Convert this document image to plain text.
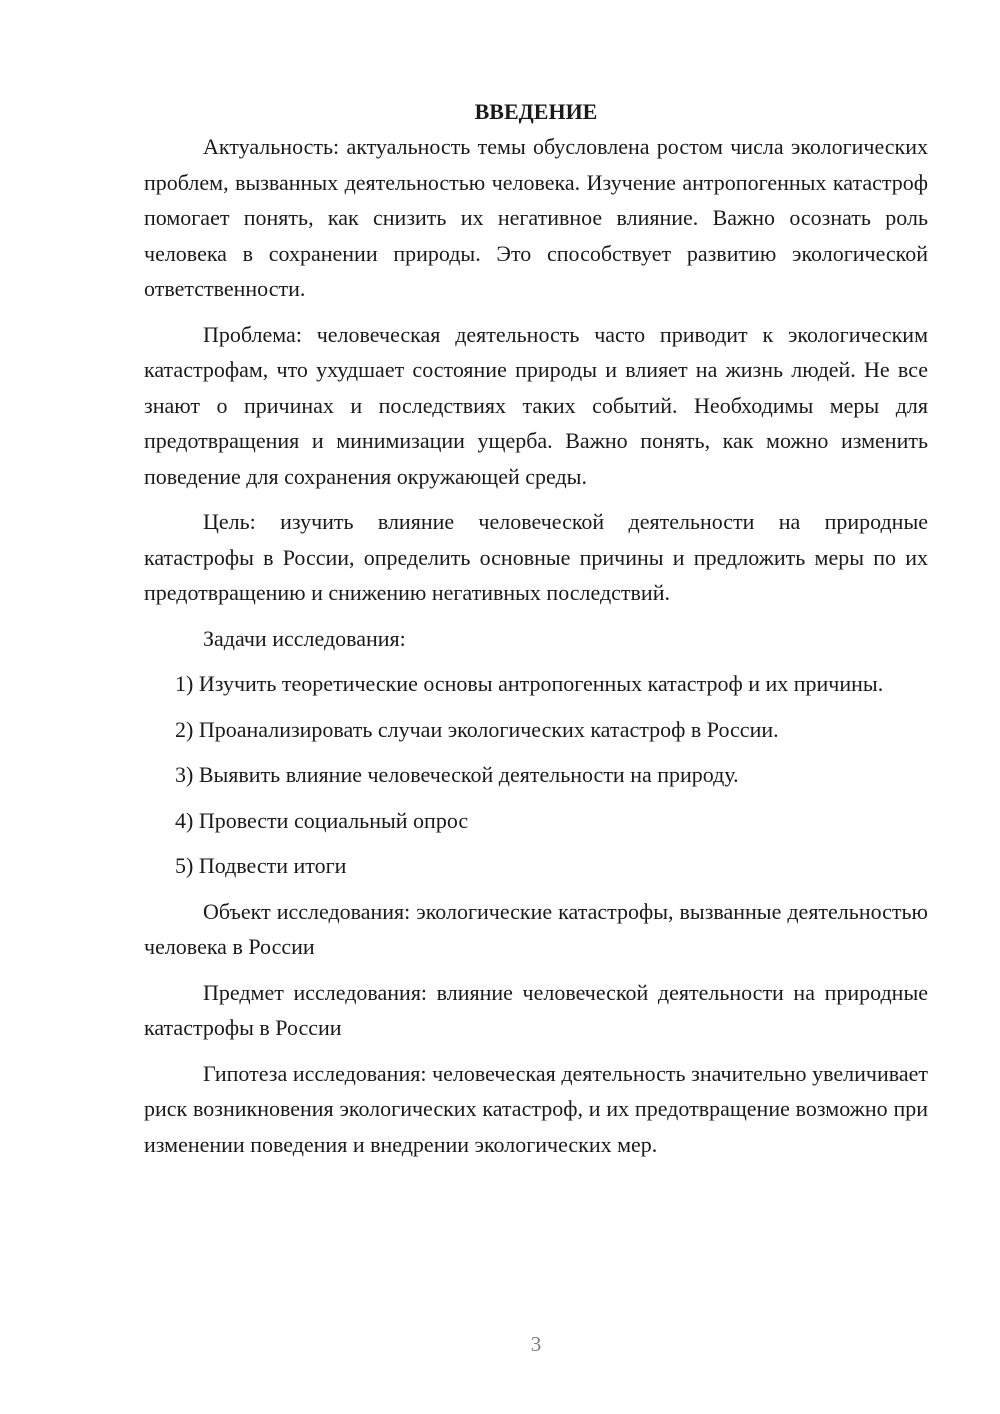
ВВЕДЕНИЕ

Актуальность: актуальность темы обусловлена ростом числа экологических проблем, вызванных деятельностью человека. Изучение антропогенных катастроф помогает понять, как снизить их негативное влияние. Важно осознать роль человека в сохранении природы. Это способствует развитию экологической ответственности.

Проблема: человеческая деятельность часто приводит к экологическим катастрофам, что ухудшает состояние природы и влияет на жизнь людей. Не все знают о причинах и последствиях таких событий. Необходимы меры для предотвращения и минимизации ущерба. Важно понять, как можно изменить поведение для сохранения окружающей среды.

Цель: изучить влияние человеческой деятельности на природные катастрофы в России, определить основные причины и предложить меры по их предотвращению и снижению негативных последствий.

Задачи исследования:

1) Изучить теоретические основы антропогенных катастроф и их причины.

2) Проанализировать случаи экологических катастроф в России.

3) Выявить влияние человеческой деятельности на природу.

4) Провести социальный опрос

5) Подвести итоги

Объект исследования: экологические катастрофы, вызванные деятельностью человека в России

Предмет исследования: влияние человеческой деятельности на природные катастрофы в России

Гипотеза исследования: человеческая деятельность значительно увеличивает риск возникновения экологических катастроф, и их предотвращение возможно при изменении поведения и внедрении экологических мер.

3
